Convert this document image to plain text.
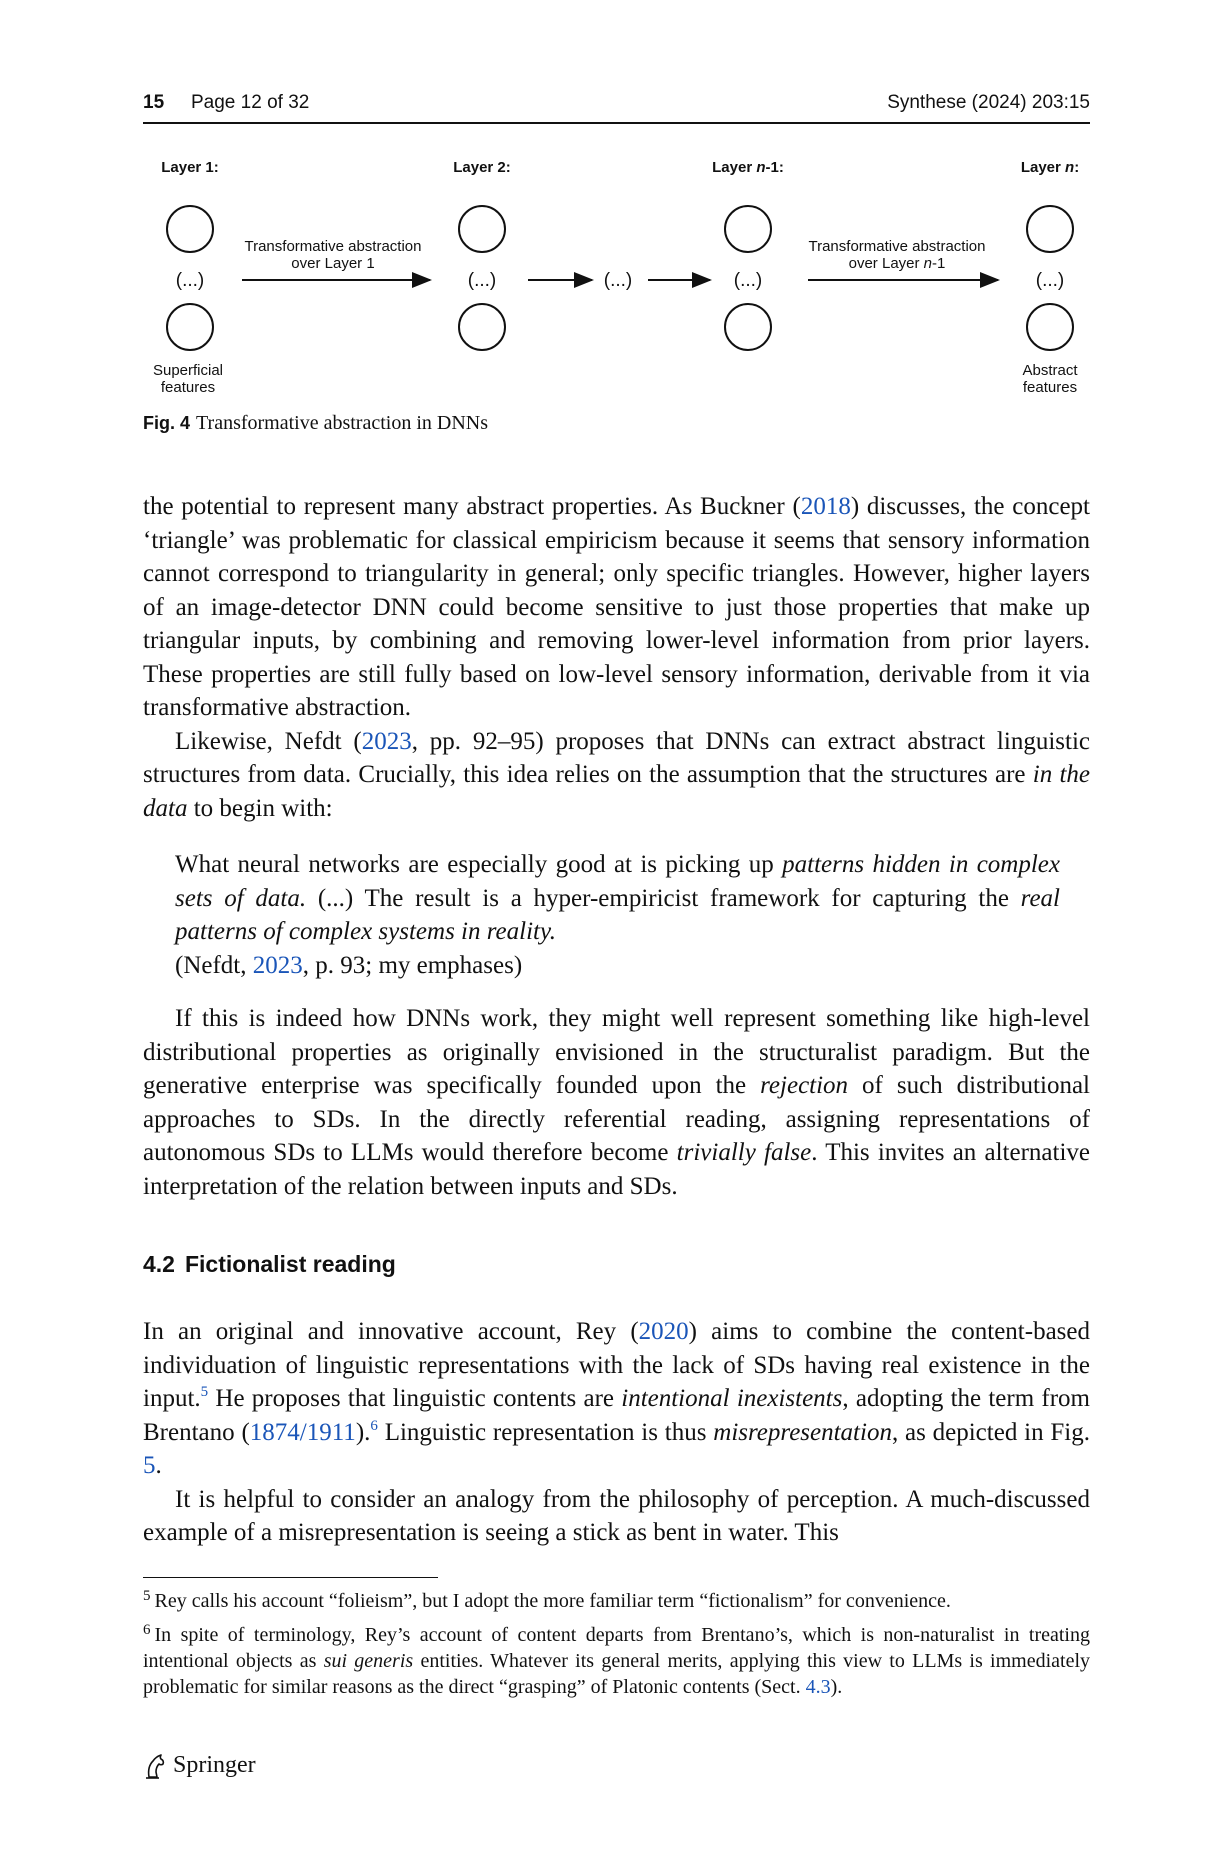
15 Page 12 of 32	Synthese (2024) 203:15
Layer 1:	Layer 2:	Layer n-1:	Layer n:
(...)
Superficial
features
Transformative abstraction
over Layer 1
(...)	(...)	(...)
Transformative abstraction
over Layer n-1
(...)
Abstract
features
Fig. 4 Transformative abstraction in DNNs

the potential to represent many abstract properties. As Buckner (2018) discusses, the concept ‘triangle’ was problematic for classical empiricism because it seems that sensory information cannot correspond to triangularity in general; only specific triangles. However, higher layers of an image-detector DNN could become sensitive to just those properties that make up triangular inputs, by combining and removing lower-level information from prior layers. These properties are still fully based on low-level sensory information, derivable from it via transformative abstraction.

Likewise, Nefdt (2023, pp. 92–95) proposes that DNNs can extract abstract linguistic structures from data. Crucially, this idea relies on the assumption that the structures are in the data to begin with:

What neural networks are especially good at is picking up patterns hidden in complex sets of data. (...) The result is a hyper-empiricist framework for capturing the real patterns of complex systems in reality.

(Nefdt, 2023, p. 93; my emphases)

If this is indeed how DNNs work, they might well represent something like high-level distributional properties as originally envisioned in the structuralist paradigm. But the generative enterprise was specifically founded upon the rejection of such distributional approaches to SDs. In the directly referential reading, assigning representations of autonomous SDs to LLMs would therefore become trivially false. This invites an alternative interpretation of the relation between inputs and SDs.

4.2 Fictionalist reading

In an original and innovative account, Rey (2020) aims to combine the content-based individuation of linguistic representations with the lack of SDs having real existence in the input.$^5$ He proposes that linguistic contents are intentional inexistents, adopting the term from Brentano (1874/1911).$^6$ Linguistic representation is thus misrepresentation, as depicted in Fig. 5.

It is helpful to consider an analogy from the philosophy of perception. A much-discussed example of a misrepresentation is seeing a stick as bent in water. This

$^5$ Rey calls his account “folieism”, but I adopt the more familiar term “fictionalism” for convenience.

$^6$ In spite of terminology, Rey’s account of content departs from Brentano’s, which is non-naturalist in treating intentional objects as sui generis entities. Whatever its general merits, applying this view to LLMs is immediately problematic for similar reasons as the direct “grasping” of Platonic contents (Sect. 4.3).

Springer
